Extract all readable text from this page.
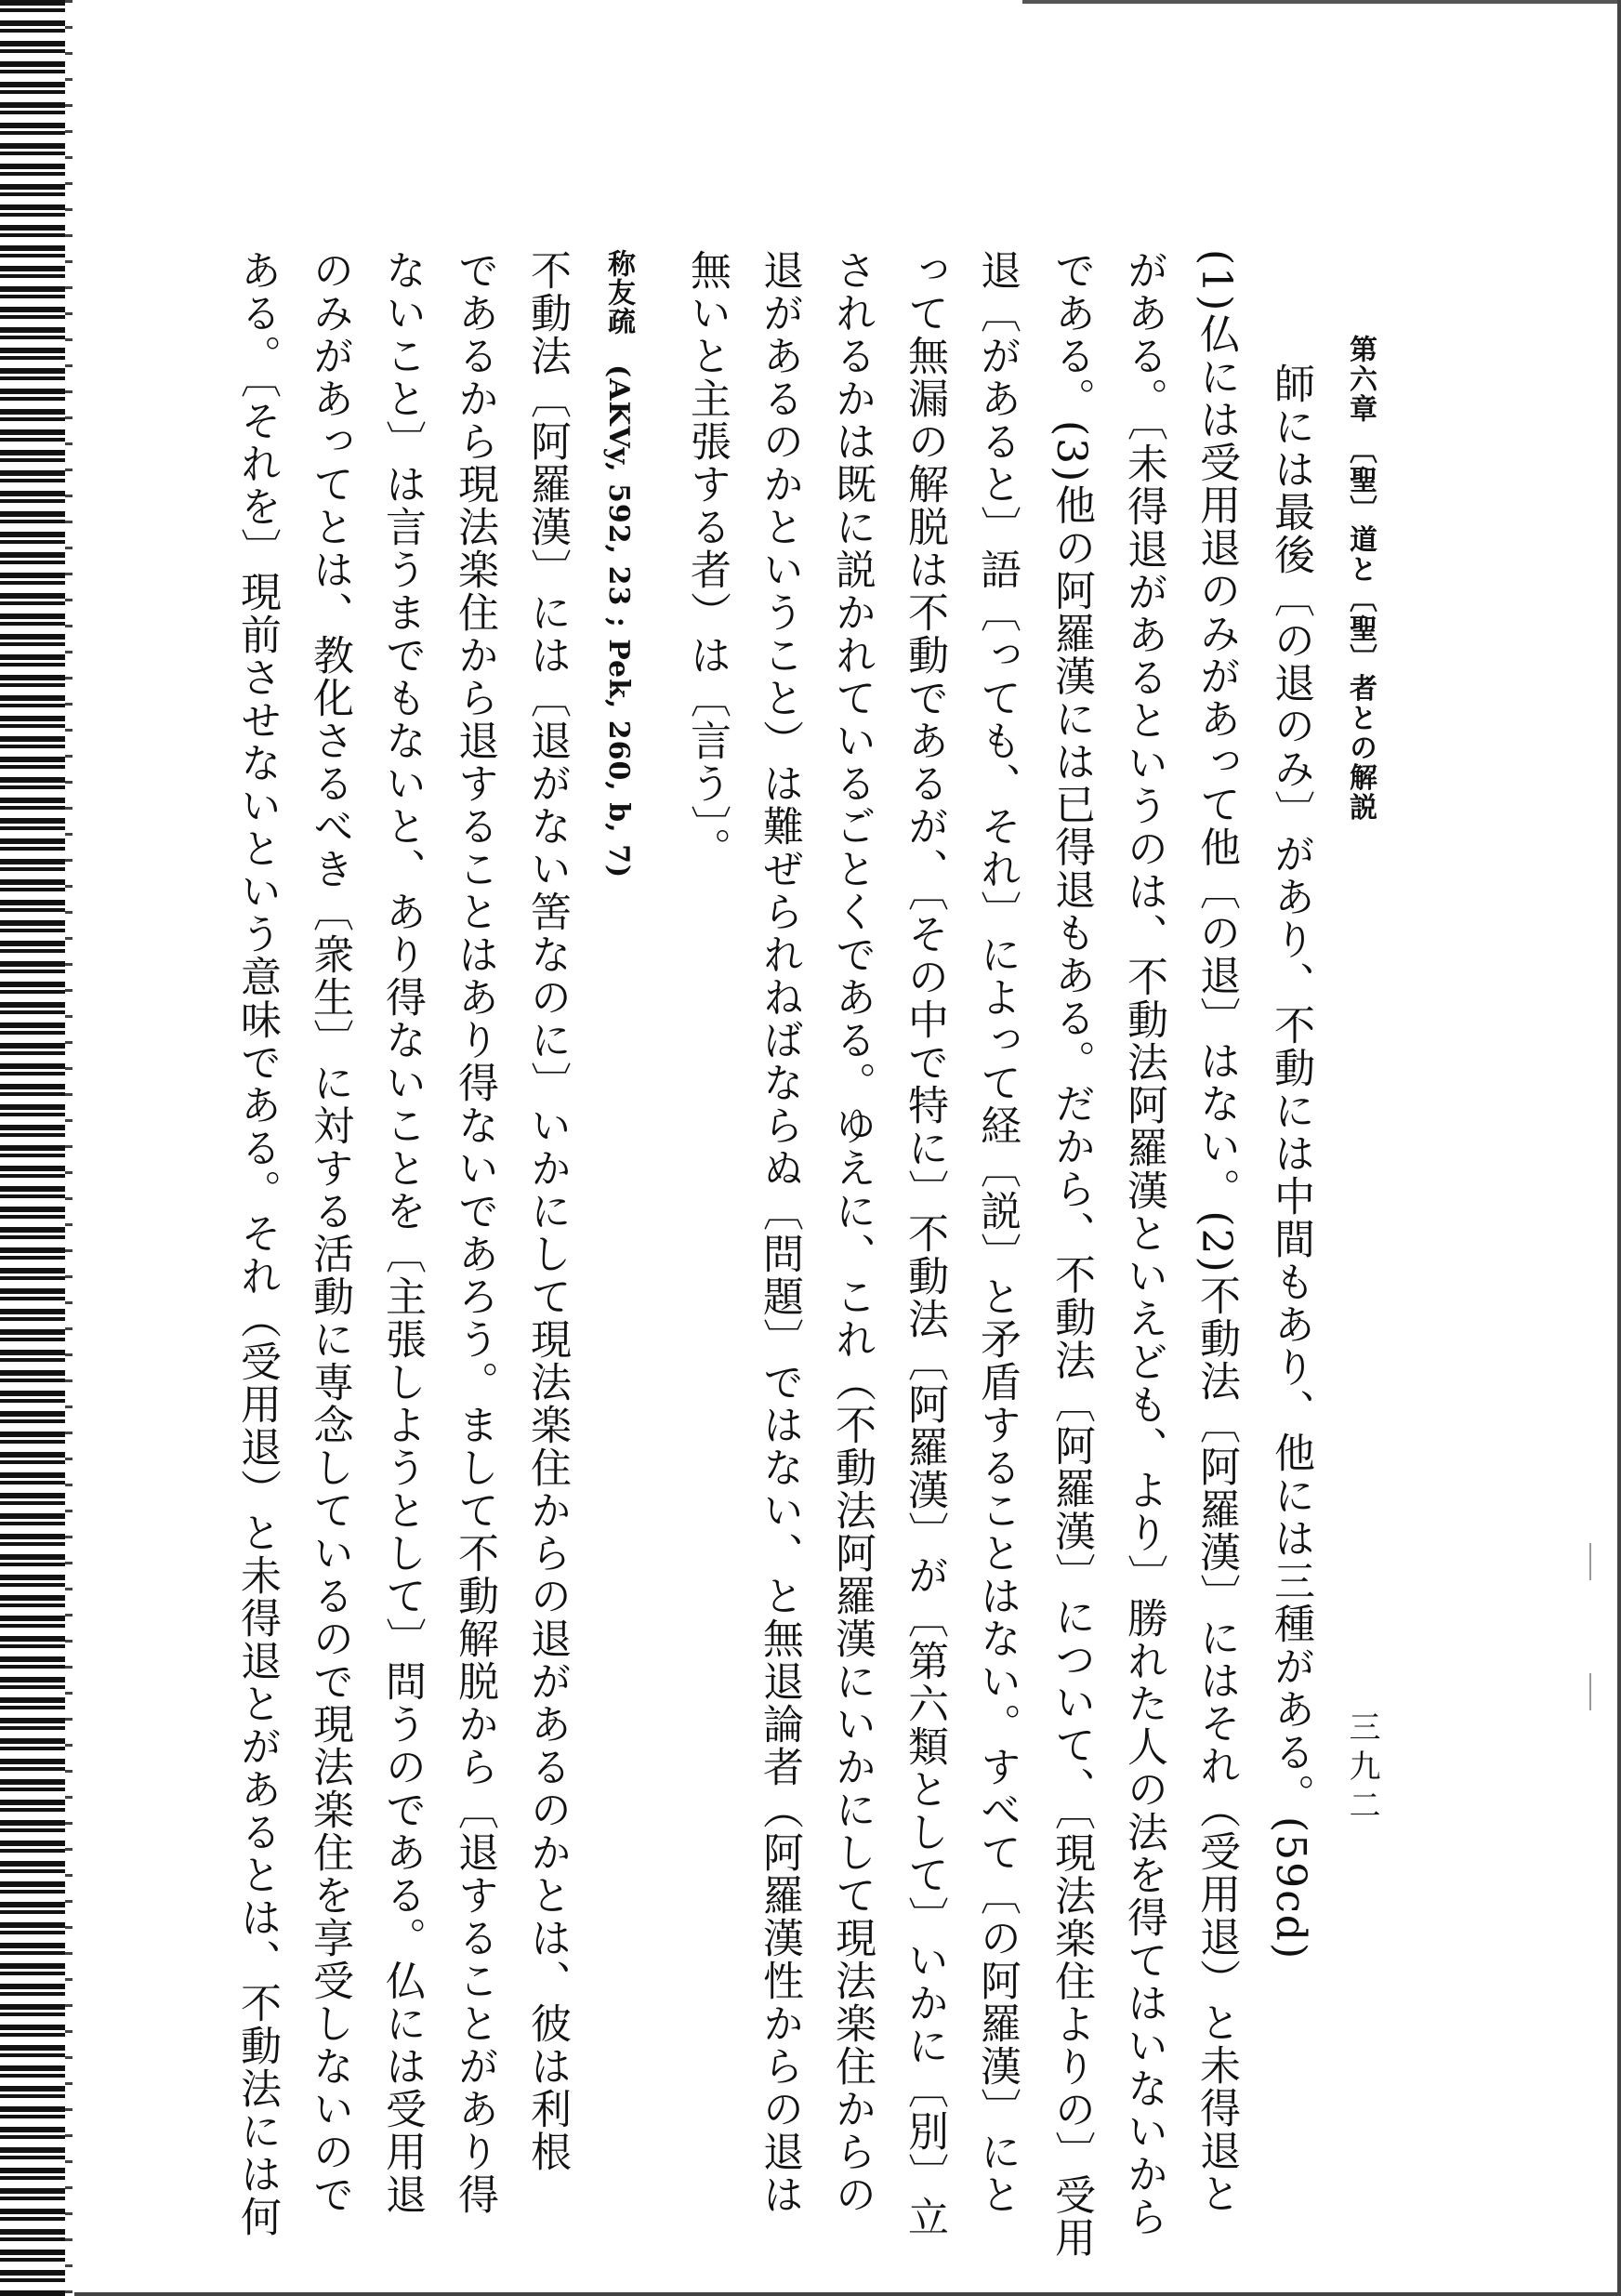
第六章 〔聖〕道と〔聖〕者との解説
三九二
師には最後〔の退のみ〕があり、不動には中間もあり、他には三種がある。(59cd)
(1)仏には受用退のみがあって他〔の退〕はない。(2)不動法〔阿羅漢〕にはそれ（受用退）と未得退と
がある。〔未得退があるというのは、不動法阿羅漢といえども、より〕勝れた人の法を得てはいないから
である。(3)他の阿羅漢には已得退もある。だから、不動法〔阿羅漢〕について、〔現法楽住よりの〕受用
退〔があると〕語〔っても、それ〕によって経〔説〕と矛盾することはない。すべて〔の阿羅漢〕にと
って無漏の解脱は不動であるが、〔その中で特に〕不動法〔阿羅漢〕が〔第六類として〕いかに〔別〕立
されるかは既に説かれているごとくである。ゆえに、これ（不動法阿羅漢にいかにして現法楽住からの
退があるのかということ）は難ぜられねばならぬ〔問題〕ではない、と無退論者（阿羅漢性からの退は
無いと主張する者）は〔言う〕。
称友疏　(AKVy, 592, 23 ; Pek, 260, b, 7)
不動法〔阿羅漢〕には〔退がない筈なのに〕いかにして現法楽住からの退があるのかとは、彼は利根
であるから現法楽住から退することはあり得ないであろう。まして不動解脱から〔退することがあり得
ないこと〕は言うまでもないと、あり得ないことを〔主張しようとして〕問うのである。仏には受用退
のみがあってとは、教化さるべき〔衆生〕に対する活動に専念しているので現法楽住を享受しないので
ある。〔それを〕現前させないという意味である。それ（受用退）と未得退とがあるとは、不動法には何
